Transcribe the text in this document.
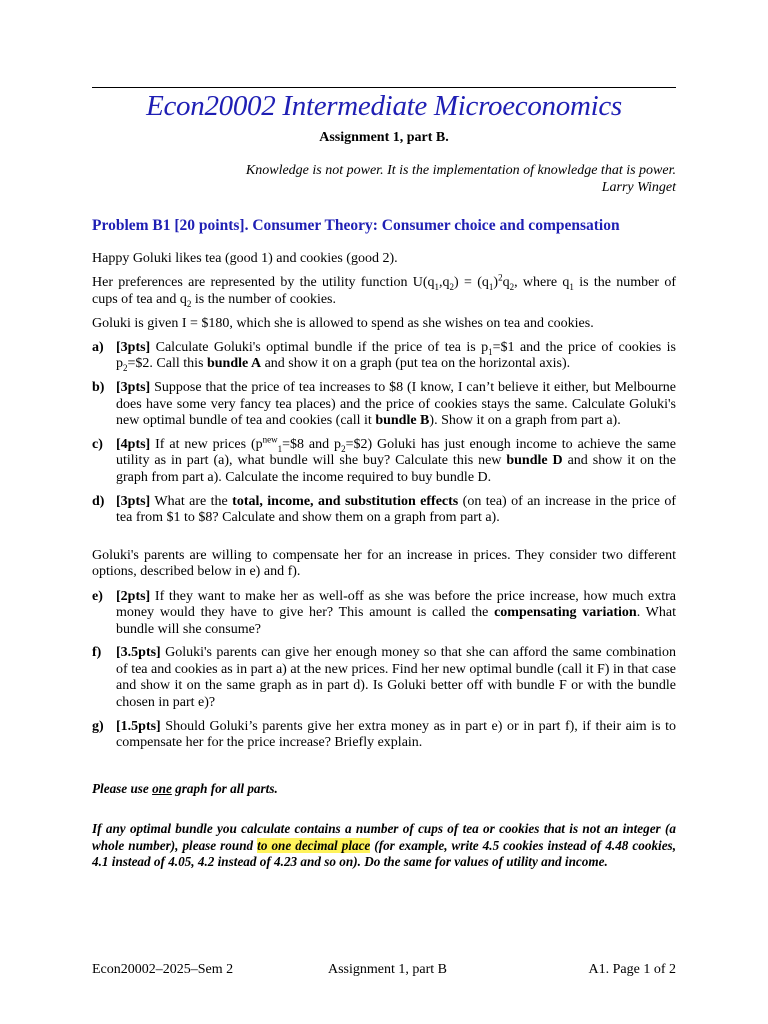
Econ20002 Intermediate Microeconomics
Assignment 1, part B.
Knowledge is not power. It is the implementation of knowledge that is power.
Larry Winget
Problem B1 [20 points]. Consumer Theory: Consumer choice and compensation

Happy Goluki likes tea (good 1) and cookies (good 2).

Her preferences are represented by the utility function $U(q_1,q_2) = (q_1)^2q_2$, where $q_1$ is the number of cups of tea and $q_2$ is the number of cookies.

Goluki is given I = $180, which she is allowed to spend as she wishes on tea and cookies.

a) [3pts] Calculate Goluki's optimal bundle if the price of tea is $p_1=\$1$ and the price of cookies is $p_2=\$2$. Call this bundle A and show it on a graph (put tea on the horizontal axis).
b) [3pts] Suppose that the price of tea increases to $8 (I know, I can’t believe it either, but Melbourne does have some very fancy tea places) and the price of cookies stays the same. Calculate Goluki's new optimal bundle of tea and cookies (call it bundle B). Show it on a graph from part a).
c) [4pts] If at new prices ($p^{new}_1=\$8$ and $p_2=\$2$) Goluki has just enough income to achieve the same utility as in part (a), what bundle will she buy? Calculate this new bundle D and show it on the graph from part a). Calculate the income required to buy bundle D.
d) [3pts] What are the total, income, and substitution effects (on tea) of an increase in the price of tea from $1 to $8? Calculate and show them on a graph from part a).

Goluki's parents are willing to compensate her for an increase in prices. They consider two different options, described below in e) and f).

e) [2pts] If they want to make her as well-off as she was before the price increase, how much extra money would they have to give her? This amount is called the compensating variation. What bundle will she consume?
f)	[3.5pts] Goluki's parents can give her enough money so that she can afford the same combination of tea and cookies as in part a) at the new prices. Find her new optimal bundle (call it F) in that case and show it on the same graph as in part d). Is Goluki better off with bundle F or with the bundle chosen in part e)?
g) [1.5pts] Should Goluki’s parents give her extra money as in part e) or in part f), if their aim is to compensate her for the price increase? Briefly explain.

Please use one graph for all parts.

If any optimal bundle you calculate contains a number of cups of tea or cookies that is not an integer (a whole number), please round to one decimal place (for example, write 4.5 cookies instead of 4.48 cookies, 4.1 instead of 4.05, 4.2 instead of 4.23 and so on). Do the same for values of utility and income.

Econ20002–2025–Sem 2	Assignment 1, part B	A1. Page 1 of 2
